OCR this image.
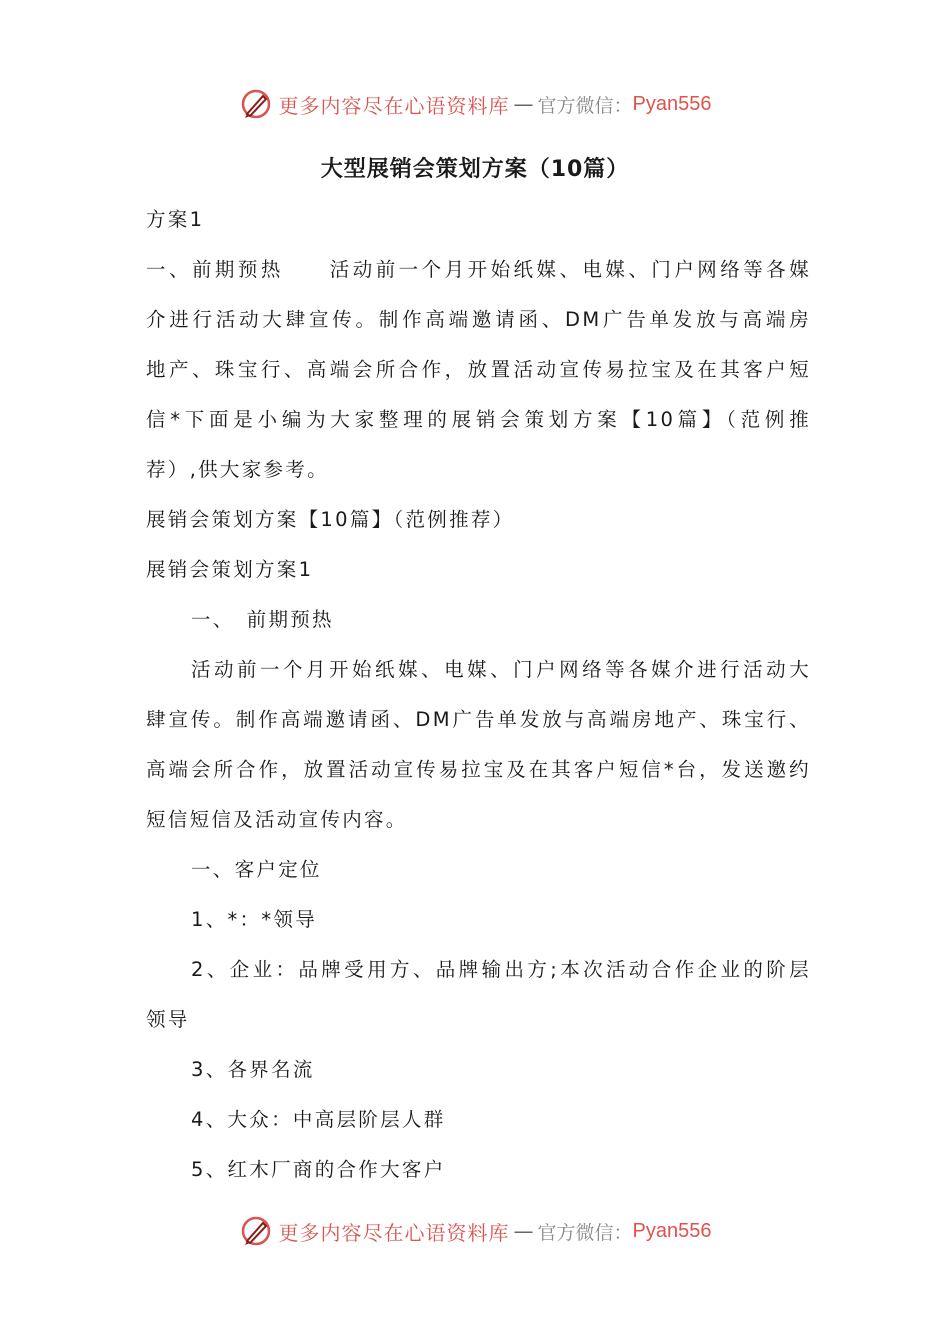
更多内容尽在心语资料库 — 官方微信： Pyan556
大型展销会策划方案（10篇）
方案1
一、前期预热　　活动前一个月开始纸媒、电媒、门户网络等各媒
介进行活动大肆宣传。制作高端邀请函、DM广告单发放与高端房
地产、珠宝行、高端会所合作，放置活动宣传易拉宝及在其客户短
信*下面是小编为大家整理的展销会策划方案【10篇】（范例推
荐）,供大家参考。
展销会策划方案【10篇】（范例推荐）
展销会策划方案1
一、　前期预热
活动前一个月开始纸媒、电媒、门户网络等各媒介进行活动大
肆宣传。制作高端邀请函、DM广告单发放与高端房地产、珠宝行、
高端会所合作，放置活动宣传易拉宝及在其客户短信*台，发送邀约
短信短信及活动宣传内容。
一、客户定位
1、*：*领导
2、企业：品牌受用方、品牌输出方;本次活动合作企业的阶层
领导
3、各界名流
4、大众：中高层阶层人群
5、红木厂商的合作大客户
更多内容尽在心语资料库 — 官方微信： Pyan556
